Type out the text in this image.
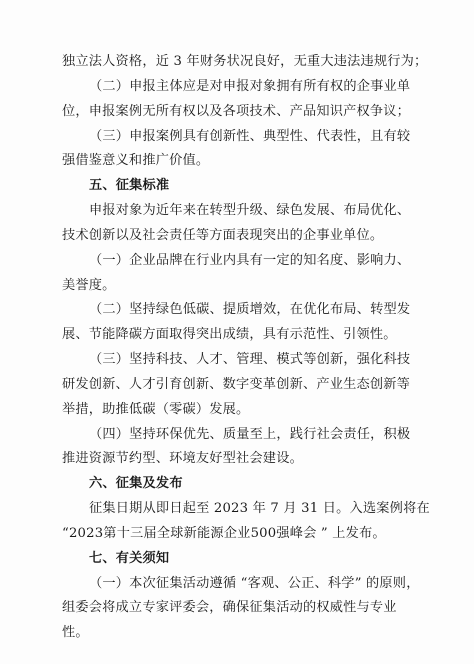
独立法人资格，近 3 年财务状况良好，无重大违法违规行为；
（二）申报主体应是对申报对象拥有所有权的企事业单
位，申报案例无所有权以及各项技术、产品知识产权争议；
（三）申报案例具有创新性、典型性、代表性，且有较
强借鉴意义和推广价值。
五、征集标准
申报对象为近年来在转型升级、绿色发展、布局优化、
技术创新以及社会责任等方面表现突出的企事业单位。
（一）企业品牌在行业内具有一定的知名度、影响力、
美誉度。
（二）坚持绿色低碳、提质增效，在优化布局、转型发
展、节能降碳方面取得突出成绩，具有示范性、引领性。
（三）坚持科技、人才、管理、模式等创新，强化科技
研发创新、人才引育创新、数字变革创新、产业生态创新等
举措，助推低碳（零碳）发展。
（四）坚持环保优先、质量至上，践行社会责任，积极
推进资源节约型、环境友好型社会建设。
六、征集及发布
征集日期从即日起至 2023 年 7 月 31 日。入选案例将在
“2023第十三届全球新能源企业500强峰会 ” 上发布。
七、有关须知
（一）本次征集活动遵循 “客观、公正、科学” 的原则，
组委会将成立专家评委会，确保征集活动的权威性与专业
性。
